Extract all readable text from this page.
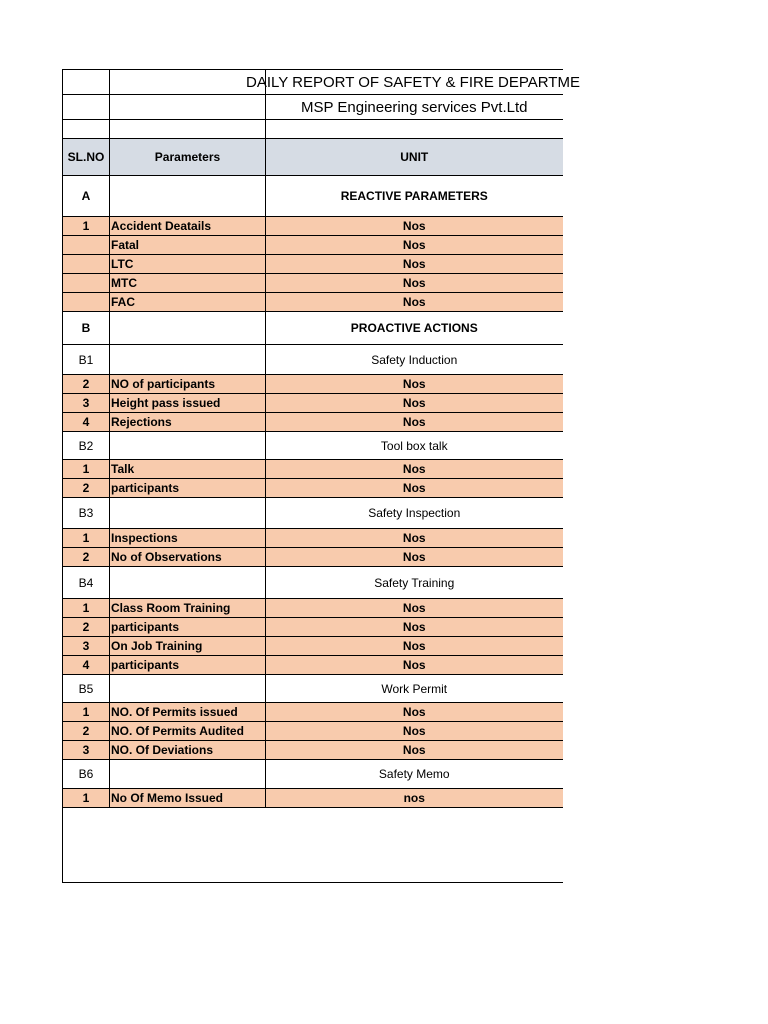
		DAILY REPORT OF SAFETY & FIRE DEPARTME
		MSP Engineering services Pvt.Ltd

SL.NO	Parameters	UNIT
A		REACTIVE PARAMETERS
1	Accident Deatails	Nos
	Fatal	Nos
	LTC	Nos
	MTC	Nos
	FAC	Nos
B		PROACTIVE ACTIONS
B1		Safety Induction
2	NO of participants	Nos
3	Height pass issued	Nos
4	Rejections	Nos
B2		Tool box talk
1	Talk	Nos
2	participants	Nos
B3		Safety Inspection
1	Inspections	Nos
2	No of Observations	Nos
B4		Safety Training
1	Class Room Training	Nos
2	participants	Nos
3	On Job Training	Nos
4	participants	Nos
B5		Work Permit
1	NO. Of Permits issued	Nos
2	NO. Of Permits Audited	Nos
3	NO. Of Deviations	Nos
B6		Safety Memo
1	No Of Memo Issued	nos
